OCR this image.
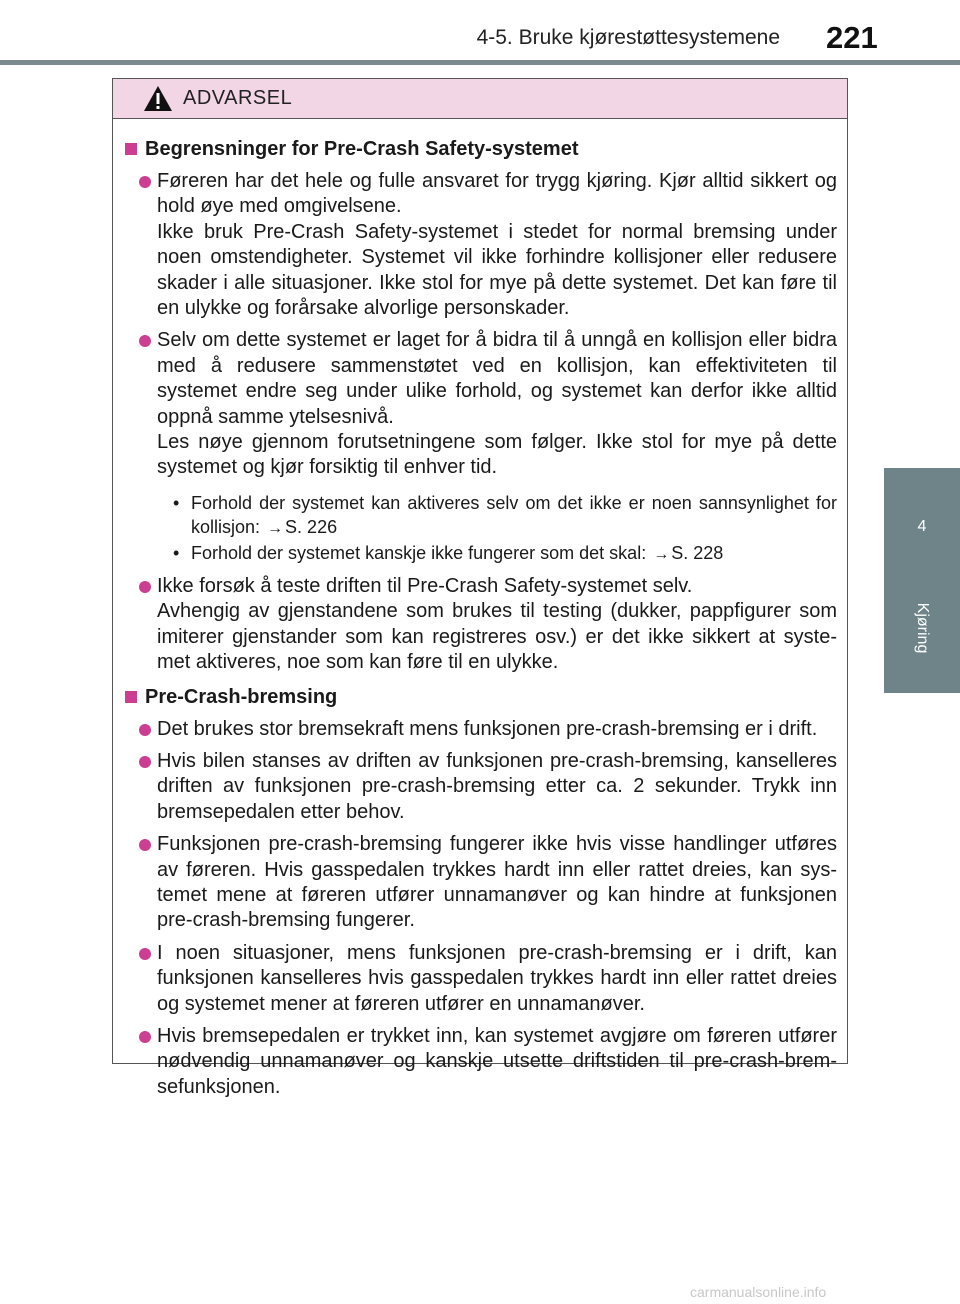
4-5. Bruke kjørestøttesystemene 221
4
Kjøring
ADVARSEL
Begrensninger for Pre-Crash Safety-systemet

Føreren har det hele og fulle ansvaret for trygg kjøring. Kjør alltid sikkert og hold øye med omgivelsene.

Ikke bruk Pre-Crash Safety-systemet i stedet for normal bremsing under noen omstendigheter. Systemet vil ikke forhindre kollisjoner eller redusere skader i alle situasjoner. Ikke stol for mye på dette systemet. Det kan føre til en ulykke og forårsake alvorlige personskader.

Selv om dette systemet er laget for å bidra til å unngå en kollisjon eller bidra med å redusere sammenstøtet ved en kollisjon, kan effektiviteten til systemet endre seg under ulike forhold, og systemet kan derfor ikke alltid oppnå samme ytelsesnivå.

Les nøye gjennom forutsetningene som følger. Ikke stol for mye på dette systemet og kjør forsiktig til enhver tid.

• Forhold der systemet kan aktiveres selv om det ikke er noen sannsynlighet for kollisjon: → S. 226

• Forhold der systemet kanskje ikke fungerer som det skal: → S. 228

Ikke forsøk å teste driften til Pre-Crash Safety-systemet selv.

Avhengig av gjenstandene som brukes til testing (dukker, pappfigurer som imiterer gjenstander som kan registreres osv.) er det ikke sikkert at syste-met aktiveres, noe som kan føre til en ulykke.

Pre-Crash-bremsing

Det brukes stor bremsekraft mens funksjonen pre-crash-bremsing er i drift.

Hvis bilen stanses av driften av funksjonen pre-crash-bremsing, kanselleres driften av funksjonen pre-crash-bremsing etter ca. 2 sekunder. Trykk inn bremsepedalen etter behov.

Funksjonen pre-crash-bremsing fungerer ikke hvis visse handlinger utføres av føreren. Hvis gasspedalen trykkes hardt inn eller rattet dreies, kan sys-temet mene at føreren utfører unnamanøver og kan hindre at funksjonen pre-crash-bremsing fungerer.

I noen situasjoner, mens funksjonen pre-crash-bremsing er i drift, kan funksjonen kanselleres hvis gasspedalen trykkes hardt inn eller rattet dreies og systemet mener at føreren utfører en unnamanøver.

Hvis bremsepedalen er trykket inn, kan systemet avgjøre om føreren utfører nødvendig unnamanøver og kanskje utsette driftstiden til pre-crash-brem-sefunksjonen.

carmanualsonline.info
